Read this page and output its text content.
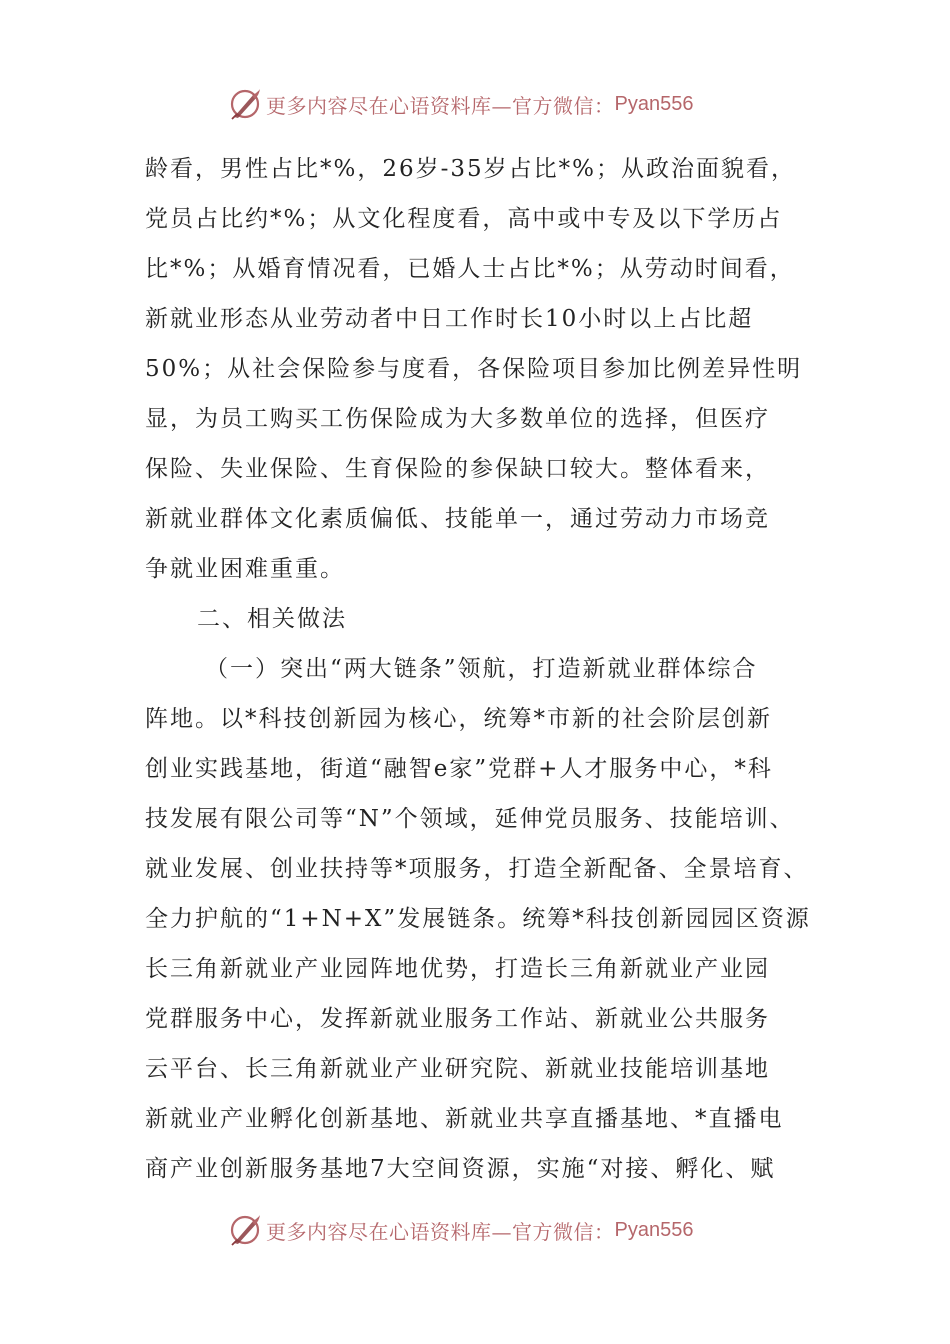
更多内容尽在心语资料库—官方微信： Pyan556
龄看，男性占比*%，26岁-35岁占比*%；从政治面貌看，
党员占比约*%；从文化程度看，高中或中专及以下学历占
比*%；从婚育情况看，已婚人士占比*%；从劳动时间看，
新就业形态从业劳动者中日工作时长10小时以上占比超
50%；从社会保险参与度看，各保险项目参加比例差异性明
显，为员工购买工伤保险成为大多数单位的选择，但医疗
保险、失业保险、生育保险的参保缺口较大。整体看来，
新就业群体文化素质偏低、技能单一，通过劳动力市场竞
争就业困难重重。
二、相关做法
（一）突出“两大链条”领航，打造新就业群体综合
阵地。以*科技创新园为核心，统筹*市新的社会阶层创新
创业实践基地，街道“融智e家”党群+人才服务中心，*科
技发展有限公司等“N”个领域，延伸党员服务、技能培训、
就业发展、创业扶持等*项服务，打造全新配备、全景培育、
全力护航的“1+N+X”发展链条。统筹*科技创新园园区资源
长三角新就业产业园阵地优势，打造长三角新就业产业园
党群服务中心，发挥新就业服务工作站、新就业公共服务
云平台、长三角新就业产业研究院、新就业技能培训基地
新就业产业孵化创新基地、新就业共享直播基地、*直播电
商产业创新服务基地7大空间资源，实施“对接、孵化、赋
更多内容尽在心语资料库—官方微信： Pyan556
